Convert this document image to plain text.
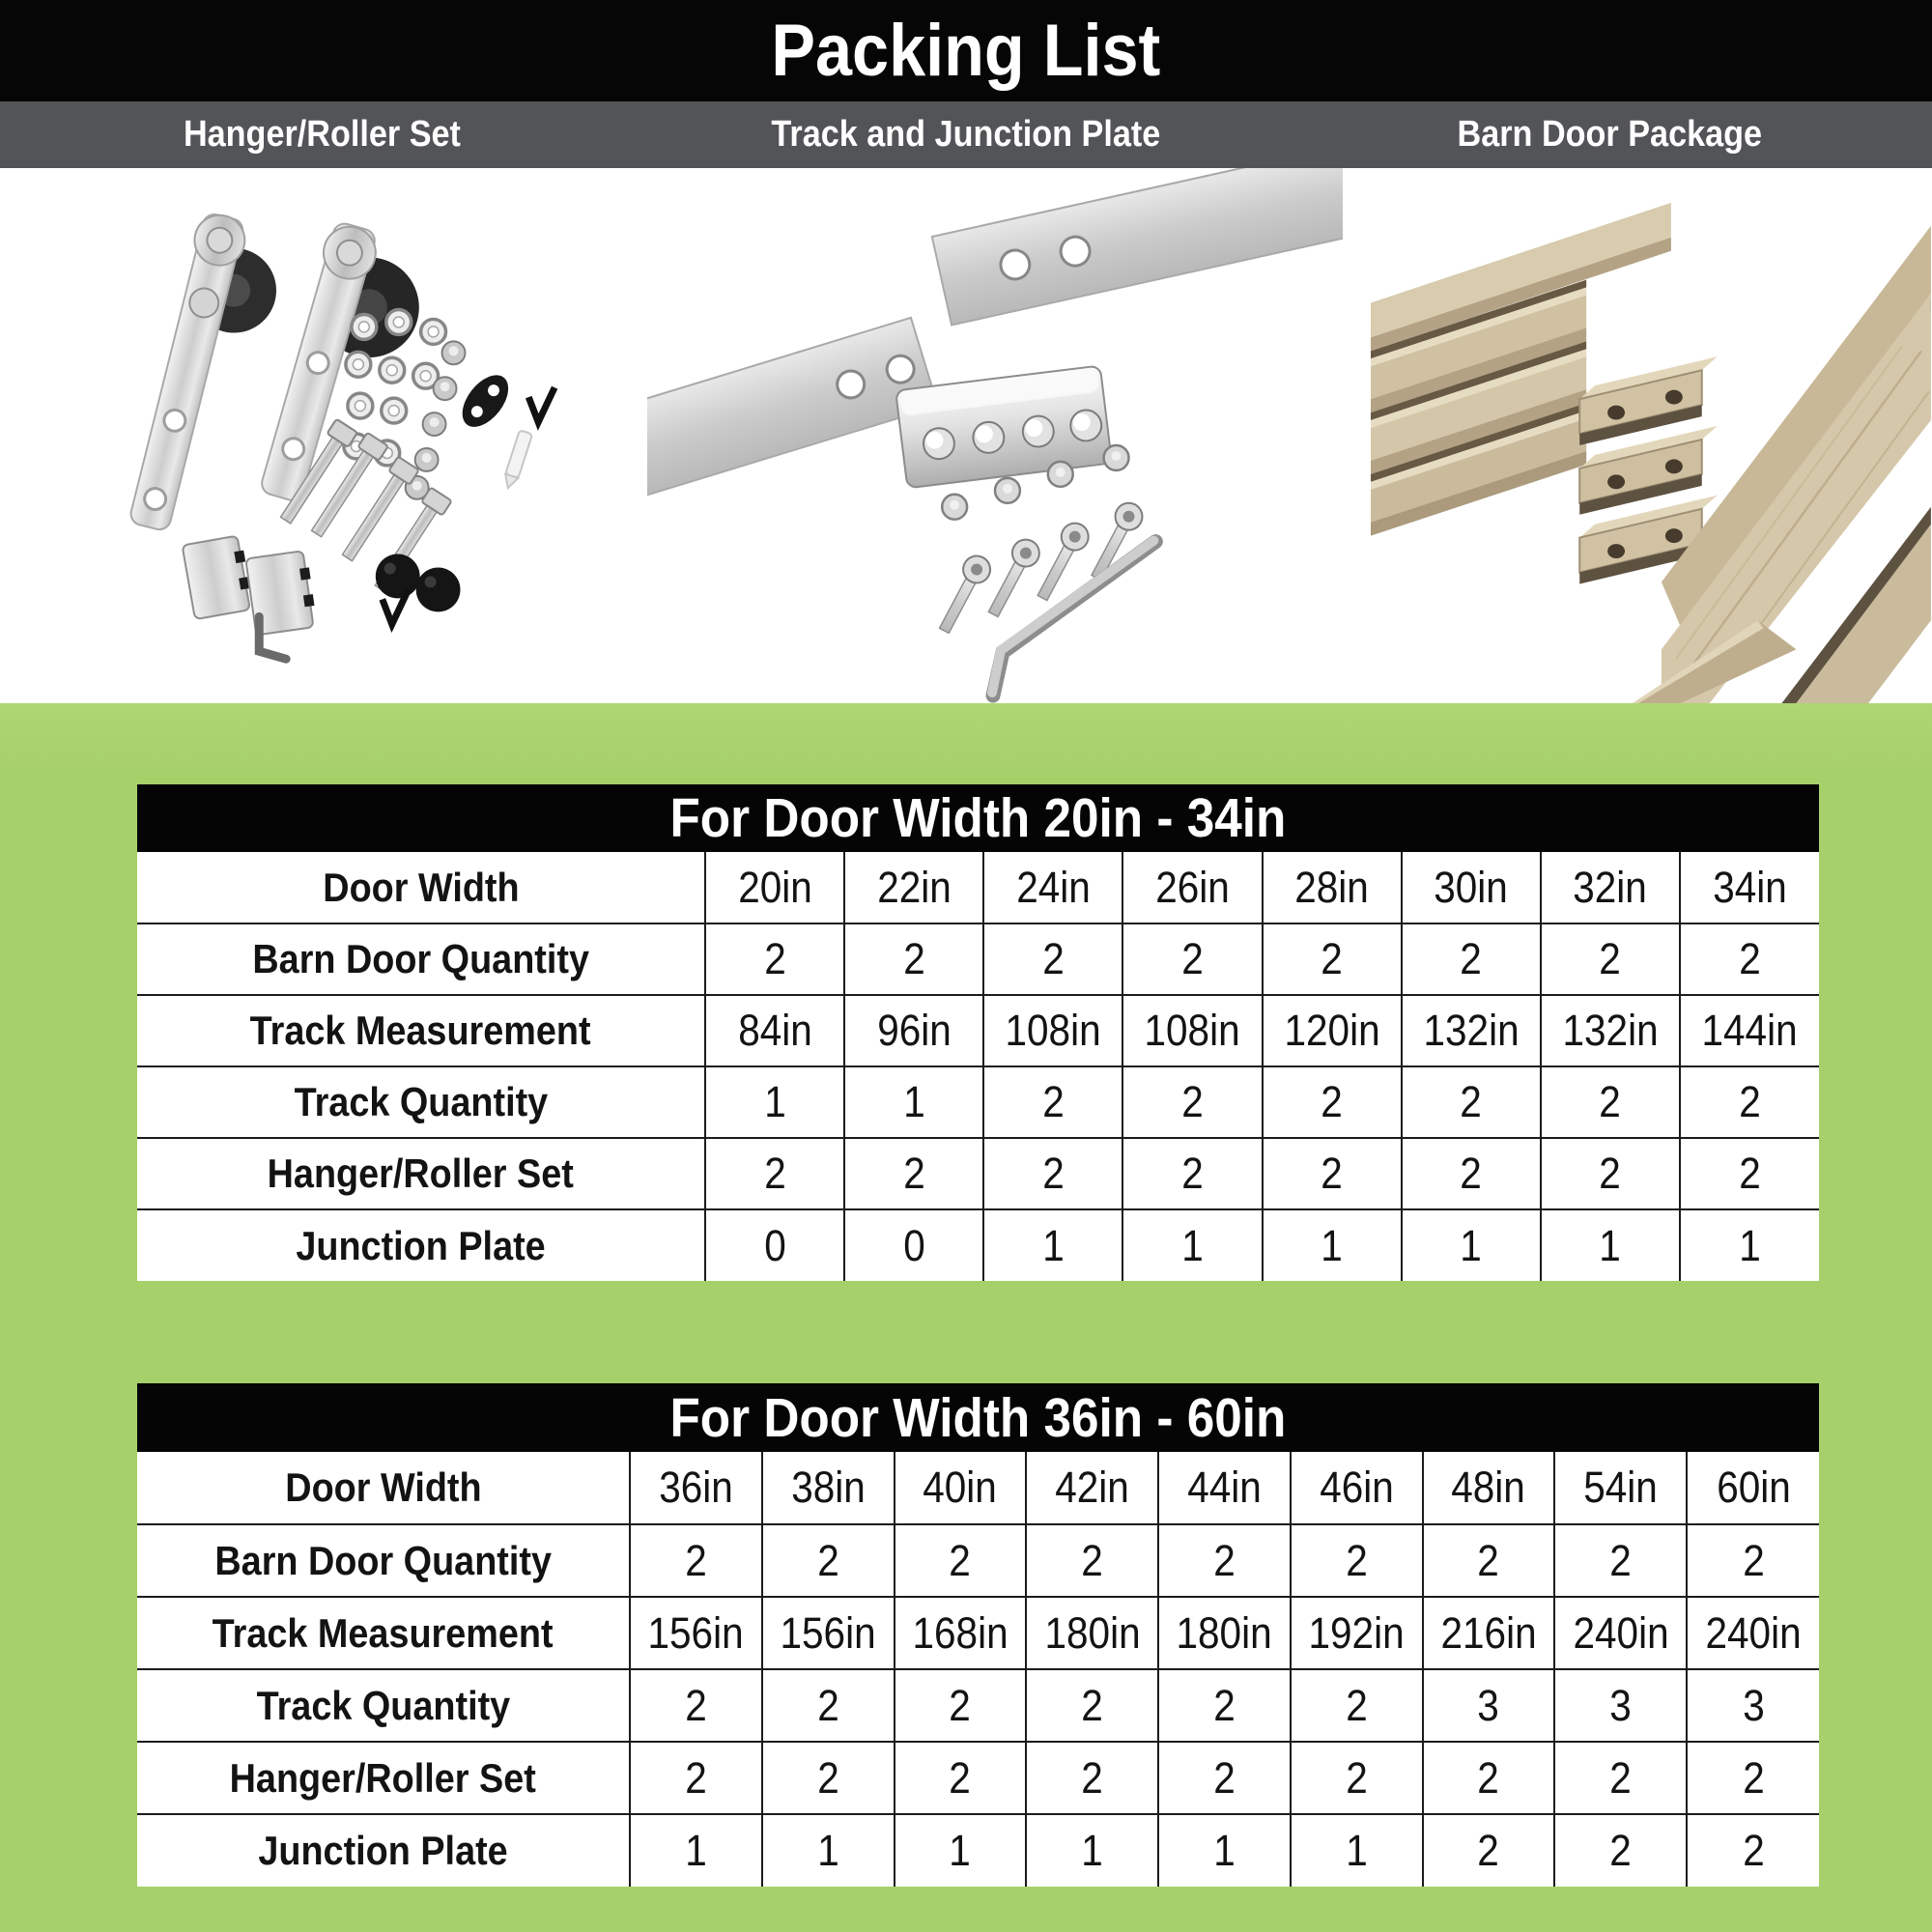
Packing List
Hanger/Roller Set	Track and Junction Plate	Barn Door Package
For Door Width 20in - 34in
Door Width	20in	22in	24in	26in	28in	30in	32in	34in
Barn Door Quantity	2	2	2	2	2	2	2	2
Track Measurement	84in	96in	108in	108in	120in	132in	132in	144in
Track Quantity	1	1	2	2	2	2	2	2
Hanger/Roller Set	2	2	2	2	2	2	2	2
Junction Plate	0	0	1	1	1	1	1	1
For Door Width 36in - 60in
Door Width	36in	38in	40in	42in	44in	46in	48in	54in	60in
Barn Door Quantity	2	2	2	2	2	2	2	2	2
Track Measurement	156in	156in	168in	180in	180in	192in	216in	240in	240in
Track Quantity	2	2	2	2	2	2	3	3	3
Hanger/Roller Set	2	2	2	2	2	2	2	2	2
Junction Plate	1	1	1	1	1	1	2	2	2
